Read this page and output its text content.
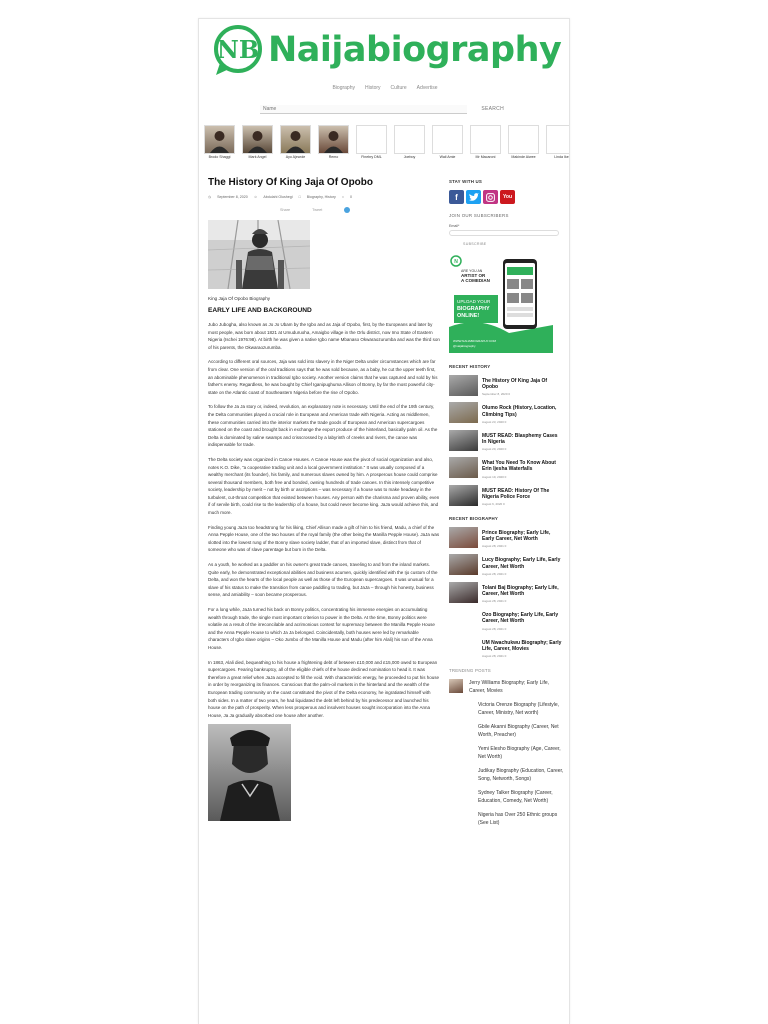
NB Naijabiography
Biography History Culture Advertise
Name
SEARCH
Brodo Shaggi	Mark Angel	Ayo Ajewole	Remo	Finebry DML	Joeboy	Wail Amie	Mr Macaroni	Makinde Aiwee	Linda Ike
The History Of King Jaja Of Opobo
◷ September 8, 2020 ☺ Abdulahi Olushegi □ Biography, History ○ 0
Share	Tweet
King Jaja Of Opobo Biography
EARLY LIFE AND BACKGROUND

Jubo Jubogha, also known as Jo Jo Ubam by the Igbo and as Jaja of Opobo, first, by the Europeans and later by most people, was born about 1821 at Umuduruoha, Amaigbo village in the Orlu district, now Imo State of Eastern Nigeria (Ischei 1976:98). At birth he was given a native Igbo name Mbanaso Okwaraozurumba and was the third son of his parents, the Okwaraozurumba.

According to different oral sources, Jaja was sold into slavery in the Niger Delta under circumstances which are far from clear. One version of the oral traditions says that he was sold because, as a baby, he cut the upper teeth first, an abominable phenomenon in traditional Igbo society. Another version claims that he was captured and sold by his father's enemy. Regardless, he was bought by Chief Iganipughuma Allison of Bonny, by far the most powerful city-state on the Atlantic coast of Southeastern Nigeria before the rise of Opobo.

To follow the Ja Ja story or, indeed, revolution, an explanatory note is necessary. Until the end of the 19th century, the Delta communities played a crucial role in European and American trade with Nigeria. Acting as middlemen, these communities carried into the interior markets the trade goods of European and American supercargoes stationed on the coast and brought back in exchange the export produce of the hinterland, basically palm oil. As the Delta is dominated by saline swamps and crisscrossed by a labyrinth of creeks and rivers, the canoe was indispensable for trade.

The Delta society was organized in Canoe Houses. A Canoe House was the pivot of social organization and also, notes K.O. Dike, "a cooperative trading unit and a local government institution." It was usually composed of a wealthy merchant (its founder), his family, and numerous slaves owned by him. A prosperous house could comprise several thousand members, both free and bonded, owning hundreds of trade canoes. In this intensely competitive society, leadership by merit – not by birth or ascriptions – was necessary if a house was to make headway in the turbulent, cut-throat competition that existed between houses. Any person with the charisma and proven ability, even if of servile birth, could rise to the leadership of a house, but could never become king. JaJa would achieve this, and much more.

Finding young JaJa too headstrong for his liking, Chief Allison made a gift of him to his friend, Madu, a chief of the Anna Pepple House, one of the two houses of the royal family (the other being the Manilla Pepple House). JaJa was slotted into the lowest rung of the Bonny slave society ladder, that of an imported slave, distinct from that of someone who was of slave parentage but born in the Delta.

As a youth, he worked as a paddler on his owner's great trade canoes, traveling to and from the inland markets. Quite early, he demonstrated exceptional abilities and business acumen, quickly identified with the Ijo custom of the Delta, and won the hearts of the local people as well as those of the European supercargoes. It was unusual for a slave of his status to make the transition from canoe paddling to trading, but JaJa – through his honesty, business sense, and amiability – soon became prosperous.

For a long while, JaJa turned his back on Bonny politics, concentrating his immense energies on accumulating wealth through trade, the single most important criterion to power in the Delta. At the time, Bonny politics were volatile as a result of the irreconcilable and acrimonious contest for supremacy between the Manilla Pepple House and the Anna Pepple House to which Ja Ja belonged. Coincidentally, both houses were led by remarkable characters of Igbo slave origins – Oko Jumbo of the Manilla House and Madu (after him Alali) his son of the Anna House.

In 1863, Alali died, bequeathing to his house a frightening debt of between £10,000 and £15,000 owed to European supercargoes. Fearing bankruptcy, all of the eligible chiefs of the house declined nomination to head it. It was therefore a great relief when JaJa accepted to fill the void. With characteristic energy, he proceeded to put his house in order by reorganizing its finances. Conscious that the palm-oil markets in the hinterland and the wealth of the European trading community on the coast constituted the pivot of the Delta economy, he ingratiated himself with both sides. In a matter of two years, he had liquidated the debt left behind by his predecessor and launched his house on the path of prosperity. When less prosperous and insolvent houses sought incorporation into the Anna House, Ja Ja gradually absorbed one house after another.

STAY WITH US
f	You
JOIN OUR SUBSCRIBERS
Email*
SUBSCRIBE
N
ARE YOU AN
ARTIST OR
A COMEDIAN
UPLOAD YOUR
BIOGRAPHY
ONLINE!
WWW.NAIJABIOGRAPHY.COM
@naijabiography
RECENT HISTORY
The History Of King Jaja Of Opobo
September 8, 2020 0
Olumo Rock (History, Location, Climbing Tips)
August 23, 2020 0
MUST READ: Blasphemy Cases In Nigeria
August 20, 2020 0
What You Need To Know About Erin Ijesha Waterfalls
August 19, 2020 0
MUST READ: History Of The Nigeria Police Force
August 6, 2020 0
RECENT BIOGRAPHY
Prince Biography; Early Life, Early Career, Net Worth
August 28, 2021 0
Lucy Biography; Early Life, Early Career, Net Worth
August 28, 2021 0
Tolani Baj Biography; Early Life, Career, Net Worth
August 28, 2021 0
Ozo Biography; Early Life, Early Career, Net Worth
August 28, 2021 0
UM Nwachukwu Biography; Early Life, Career, Movies
August 28, 2021 0
TRENDING POSTS
Jerry Williams Biography; Early Life, Career, Movies
Victoria Orenze Biography (Lifestyle, Career, Ministry, Net worth)
Gbile Akanni Biography (Career, Net Worth, Preacher)
Yemi Elesho Biography (Age, Career, Net Worth)
Judikay Biography (Education, Career, Song, Networth, Songs)
Sydney Talker Biography (Career, Education, Comedy, Net Worth)
Nigeria has Over 250 Ethnic groups (See List)
